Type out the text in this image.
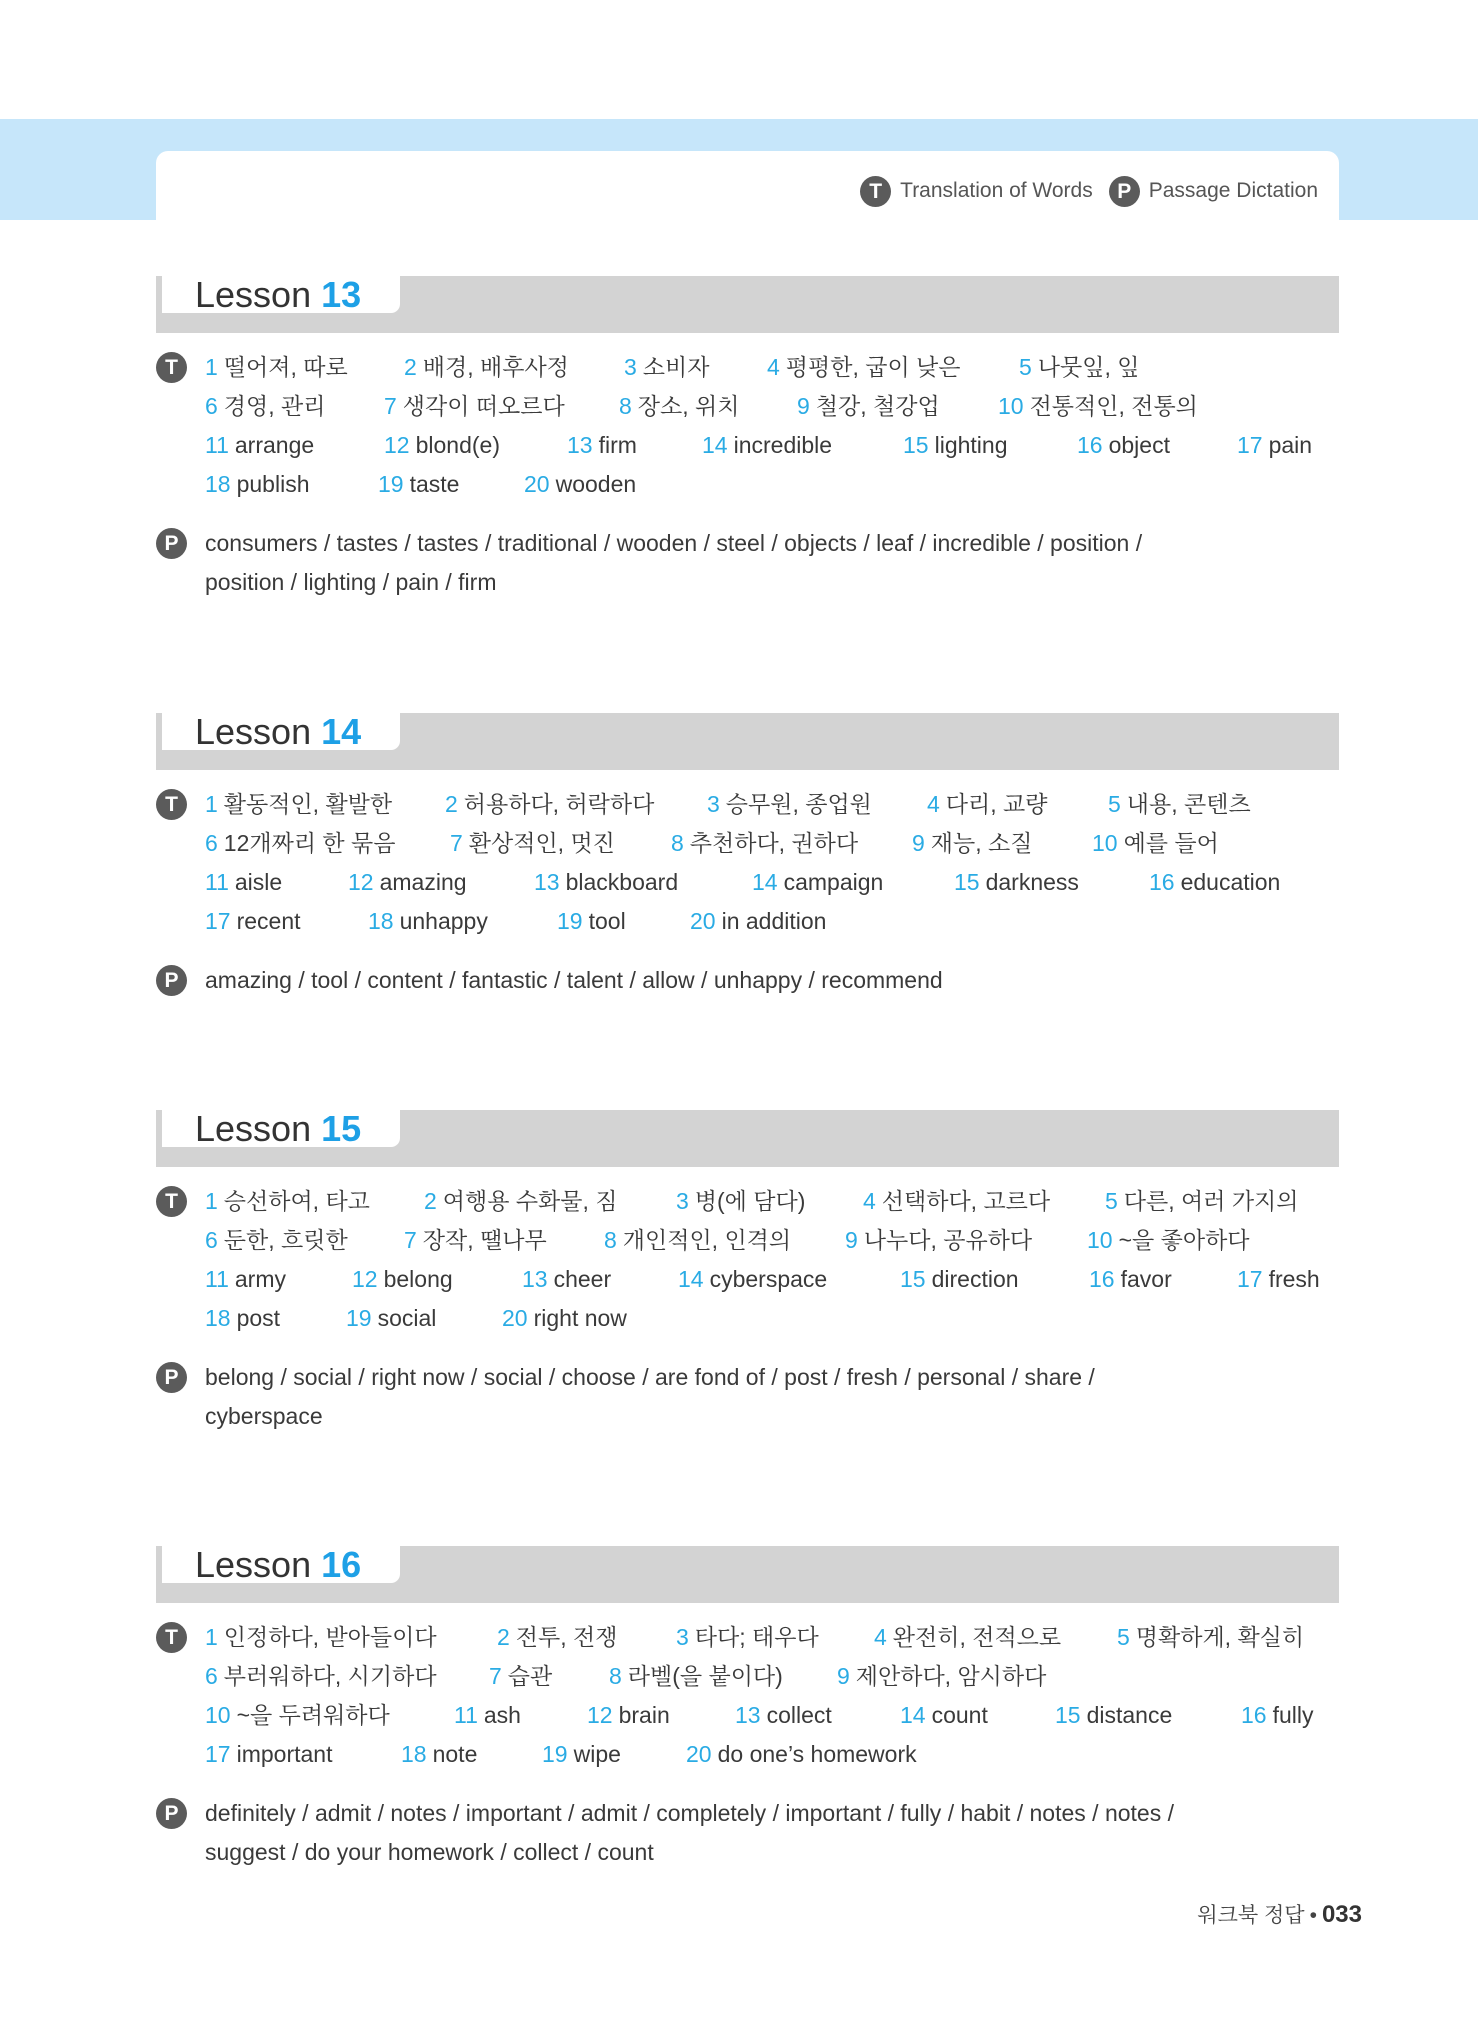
T Translation of Words	P Passage Dictation
Lesson 13
T	1 떨어져, 따로 2 배경, 배후사정 3 소비자	4 평평한, 굽이 낮은	5 나뭇잎, 잎
6 경영, 관리	7 생각이 떠오르다 8 장소, 위치	9 철강, 철강업	10 전통적인, 전통의
11 arrange	12 blond(e)	13 firm	14 incredible	15 lighting	16 object	17 pain
18 publish	19 taste	20 wooden
P	consumers / tastes / tastes / traditional / wooden / steel / objects / leaf / incredible / position /
position / lighting / pain / firm
Lesson 14
T	1 활동적인, 활발한 2 허용하다, 허락하다 3 승무원, 종업원 4 다리, 교량	5 내용, 콘텐츠
6 12개짜리 한 묶음 7 환상적인, 멋진 8 추천하다, 권하다 9 재능, 소질	10 예를 들어
11 aisle	12 amazing	13 blackboard	14 campaign	15 darkness	16 education
17 recent	18 unhappy	19 tool	20 in addition
P	amazing / tool / content / fantastic / talent / allow / unhappy / recommend
Lesson 15
T	1 승선하여, 타고 2 여행용 수화물, 짐	3 병(에 담다)	4 선택하다, 고르다 5 다른, 여러 가지의
6 둔한, 흐릿한 7 장작, 땔나무 8 개인적인, 인격의 9 나누다, 공유하다 10 ~을 좋아하다
11 army	12 belong	13 cheer	14 cyberspace	15 direction	16 favor	17 fresh
18 post	19 social	20 right now
P	belong / social / right now / social / choose / are fond of / post / fresh / personal / share /
cyberspace
Lesson 16
T	1 인정하다, 받아들이다	2 전투, 전쟁	3 타다; 태우다 4 완전히, 전적으로 5 명확하게, 확실히
6 부러워하다, 시기하다 7 습관 8 라벨(을 붙이다) 9 제안하다, 암시하다
10 ~을 두려워하다	11 ash	12 brain	13 collect	14 count	15 distance	16 fully
17 important	18 note	19 wipe	20 do one’s homework
P	definitely / admit / notes / important / admit / completely / important / fully / habit / notes / notes /
suggest / do your homework / collect / count
워크북 정답 • 033
